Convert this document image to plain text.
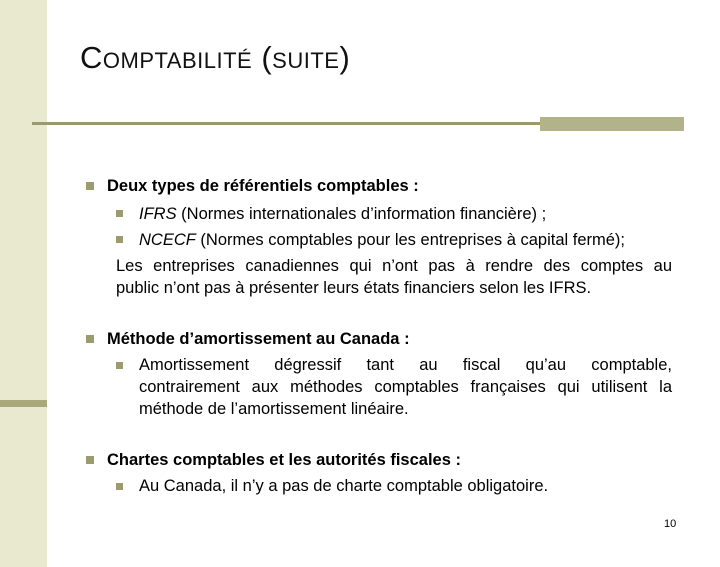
COMPTABILITÉ (SUITE)
Deux types de référentiels comptables :
IFRS (Normes internationales d’information financière) ;
NCECF (Normes comptables pour les entreprises à capital fermé);
Les entreprises canadiennes qui n’ont pas à rendre des comptes au
public n’ont pas à présenter leurs états financiers selon les IFRS.
Méthode d’amortissement au Canada :
Amortissement dégressif tant au fiscal qu’au comptable,
contrairement aux méthodes comptables françaises qui utilisent la
méthode de l’amortissement linéaire.
Chartes comptables et les autorités fiscales :
Au Canada, il n’y a pas de charte comptable obligatoire.
10
